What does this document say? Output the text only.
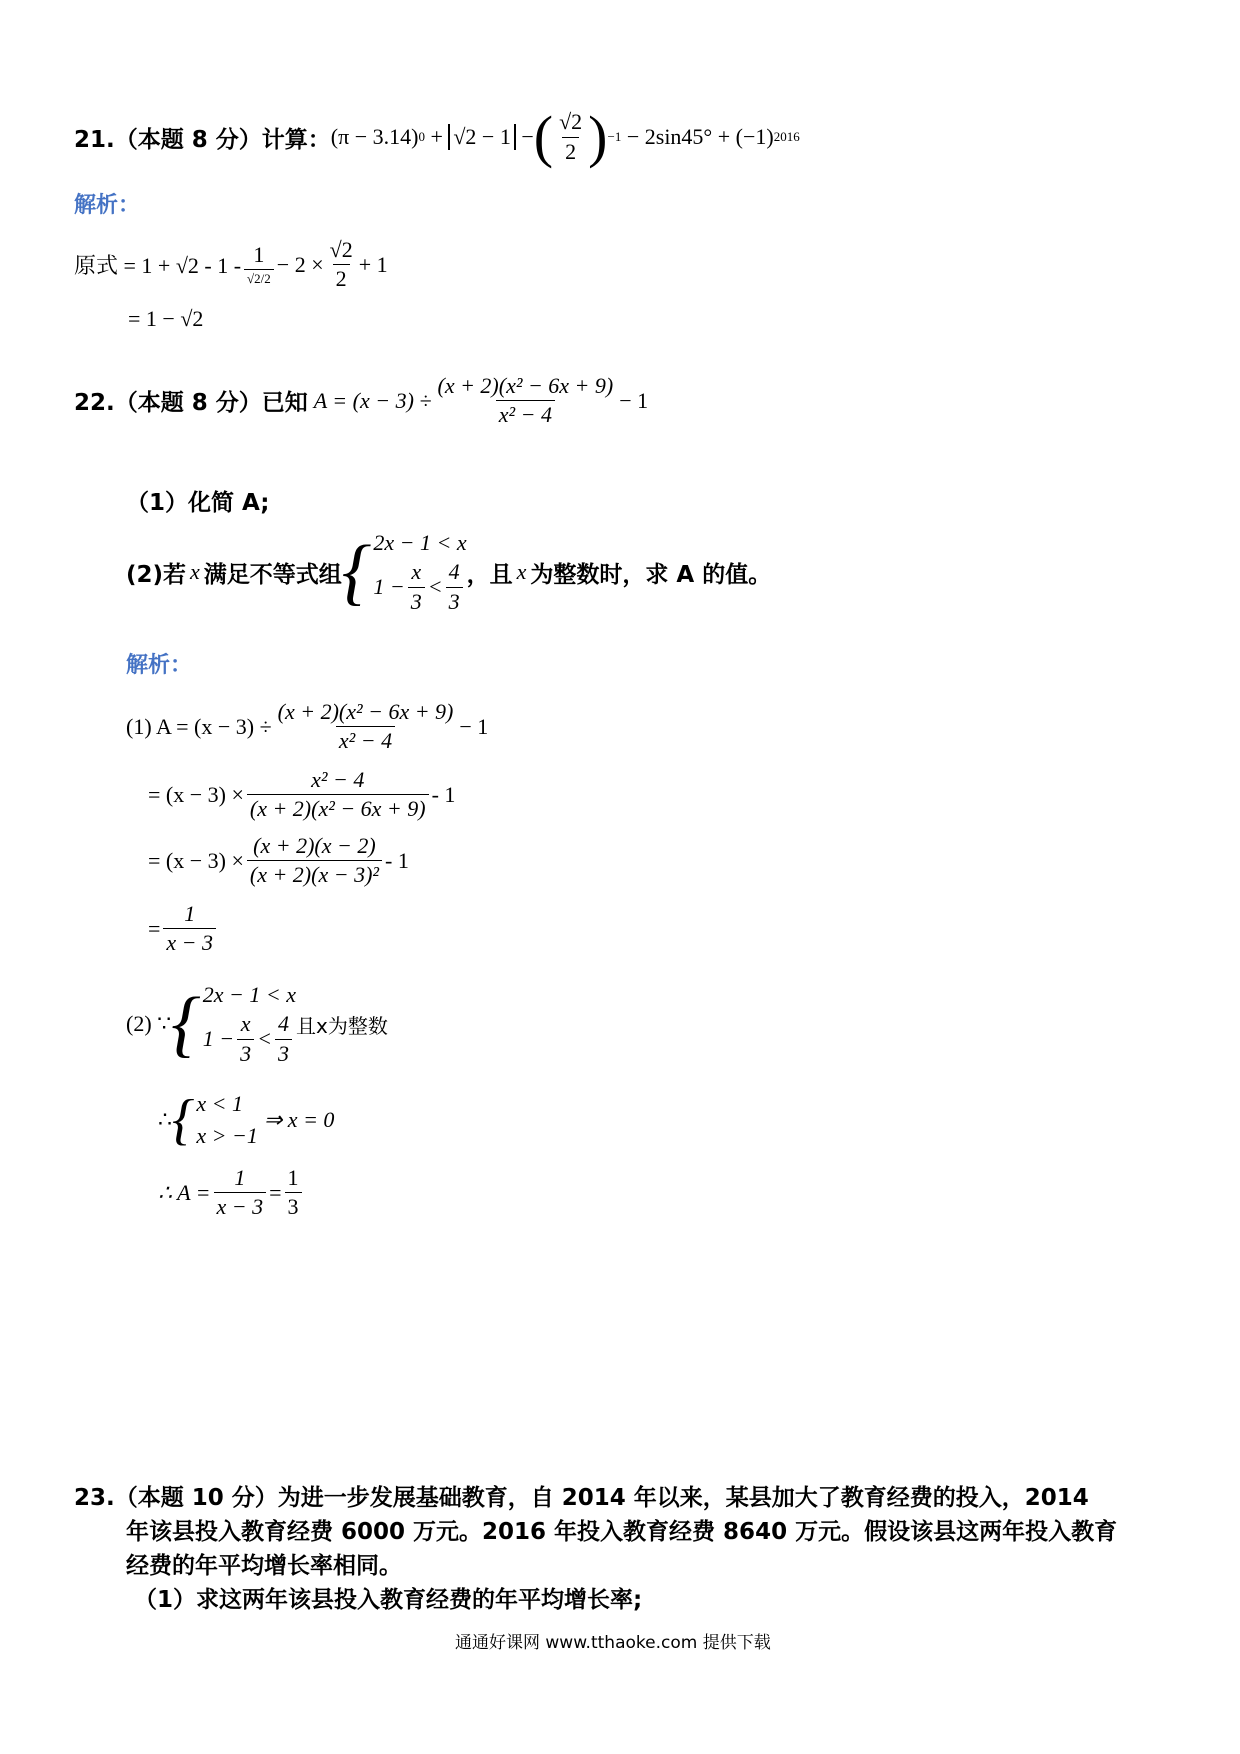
21.（本题 8 分）计算： (π − 3.14) 0
+
√2 − 1
− ( $\frac{√2}{2}$ ) −1
− 2sin45° + (−1) 2016
解析：
原式 = $1 + √2 - 1 - \frac{1}{√2/2} - 2 \times \frac{√2}{2} + 1$
= 1 − √2
22.（本题 8 分）已知 $A = (x - 3) \div \frac{\text{(x + 2)(x² − 6x + 9)}}{\text{x² − 4}} - 1$
（1）化简 A;
(2)若 x 满足不等式组 { 2x − 1 < x
$1 - \frac{x}{3} < \frac{4}{3}$ ，且 x 为整数时，求 A 的值。
解析：
(1) $A = (x - 3) \div \frac{\text{(x + 2)(x² − 6x + 9)}}{\text{x² − 4}} - 1$
= $(x - 3) \times \frac{\text{x² − 4}}{\text{(x + 2)(x² − 6x + 9)}} - 1$
= $(x - 3) \times \frac{(x + 2)(x - 2)}{\text{(x + 2)(x − 3)²}} - 1$
= $\frac{1}{x - 3}$
(2) ∵ { 2x − 1 < x
$1 - \frac{x}{3} < \frac{4}{3}$ 且x为整数
∴ { x < 1
x > −1
⇒ x = 0
∴ $A = \frac{1}{x - 3} = \frac{1}{3}$
23.（本题 10 分）为进一步发展基础教育，自 2014 年以来，某县加大了教育经费的投入，2014
年该县投入教育经费 6000 万元。2016 年投入教育经费 8640 万元。假设该县这两年投入教育
经费的年平均增长率相同。
（1）求这两年该县投入教育经费的年平均增长率;
通通好课网 www.tthaoke.com 提供下载
